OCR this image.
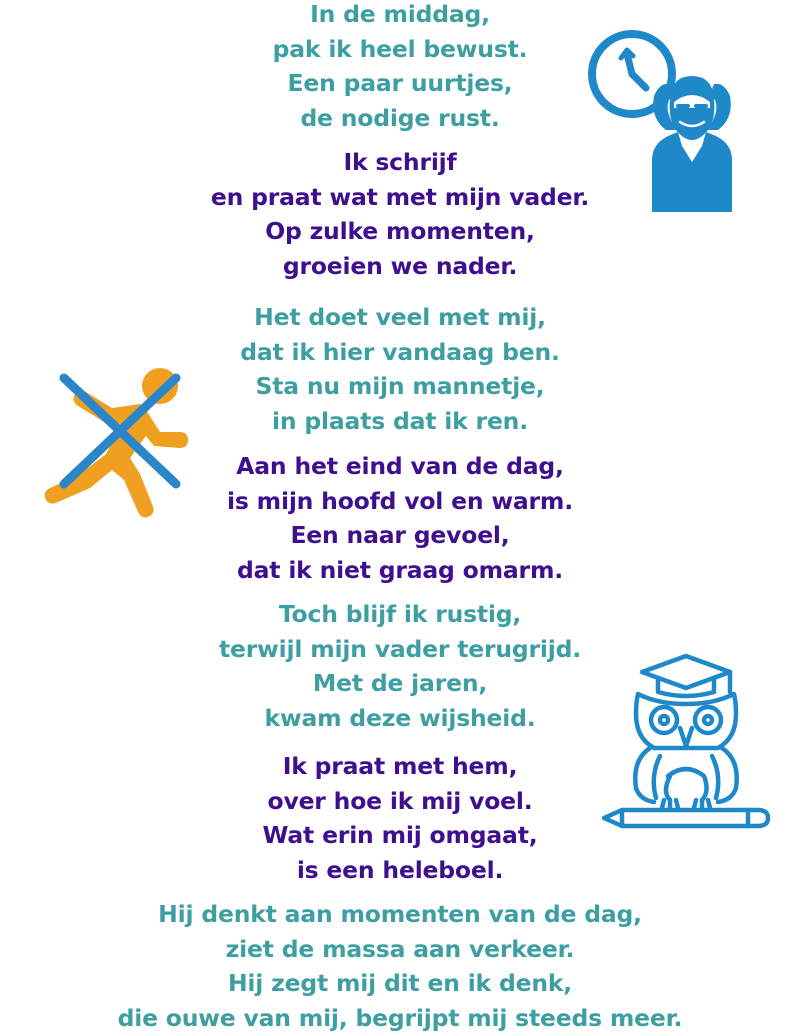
In de middag,
pak ik heel bewust.
Een paar uurtjes,
de nodige rust.
Ik schrijf
en praat wat met mijn vader.
Op zulke momenten,
groeien we nader.
Het doet veel met mij,
dat ik hier vandaag ben.
Sta nu mijn mannetje,
in plaats dat ik ren.
Aan het eind van de dag,
is mijn hoofd vol en warm.
Een naar gevoel,
dat ik niet graag omarm.
Toch blijf ik rustig,
terwijl mijn vader terugrijd.
Met de jaren,
kwam deze wijsheid.
Ik praat met hem,
over hoe ik mij voel.
Wat erin mij omgaat,
is een heleboel.
Hij denkt aan momenten van de dag,
ziet de massa aan verkeer.
Hij zegt mij dit en ik denk,
die ouwe van mij, begrijpt mij steeds meer.
